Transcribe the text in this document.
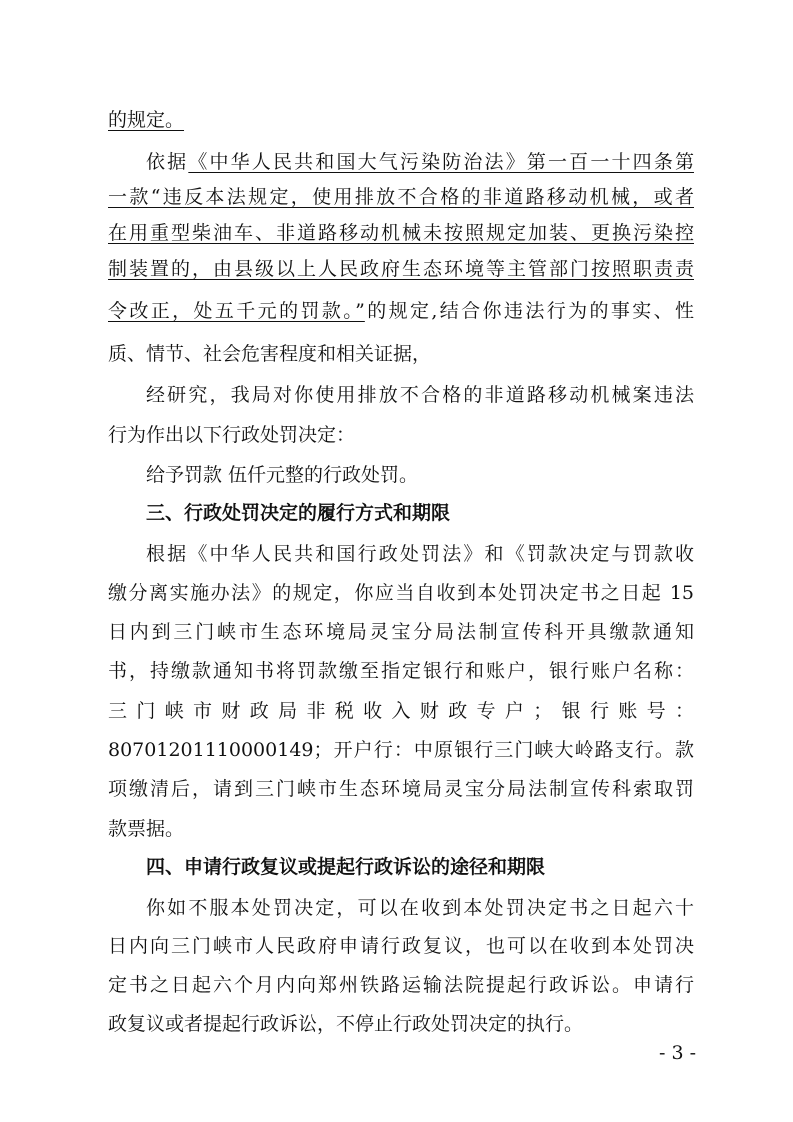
的规定。
依据《中华人民共和国大气污染防治法》第一百一十四条第
一款“违反本法规定，使用排放不合格的非道路移动机械，或者
在用重型柴油车、非道路移动机械未按照规定加装、更换污染控
制装置的，由县级以上人民政府生态环境等主管部门按照职责责
令改正，处五千元的罚款。”的规定,结合你违法行为的事实、性
质、情节、社会危害程度和相关证据，
经研究，我局对你使用排放不合格的非道路移动机械案违法
行为作出以下行政处罚决定：
给予罚款 伍仟元整的行政处罚。
三、行政处罚决定的履行方式和期限
根据《中华人民共和国行政处罚法》和《罚款决定与罚款收
缴分离实施办法》的规定，你应当自收到本处罚决定书之日起 15
日内到三门峡市生态环境局灵宝分局法制宣传科开具缴款通知
书，持缴款通知书将罚款缴至指定银行和账户，银行账户名称：
三门峡市财政局非税收入财政专户；银行账号：
80701201110000149；开户行：中原银行三门峡大岭路支行。款
项缴清后，请到三门峡市生态环境局灵宝分局法制宣传科索取罚
款票据。
四、申请行政复议或提起行政诉讼的途径和期限
你如不服本处罚决定，可以在收到本处罚决定书之日起六十
日内向三门峡市人民政府申请行政复议，也可以在收到本处罚决
定书之日起六个月内向郑州铁路运输法院提起行政诉讼。申请行
政复议或者提起行政诉讼，不停止行政处罚决定的执行。
- 3 -
